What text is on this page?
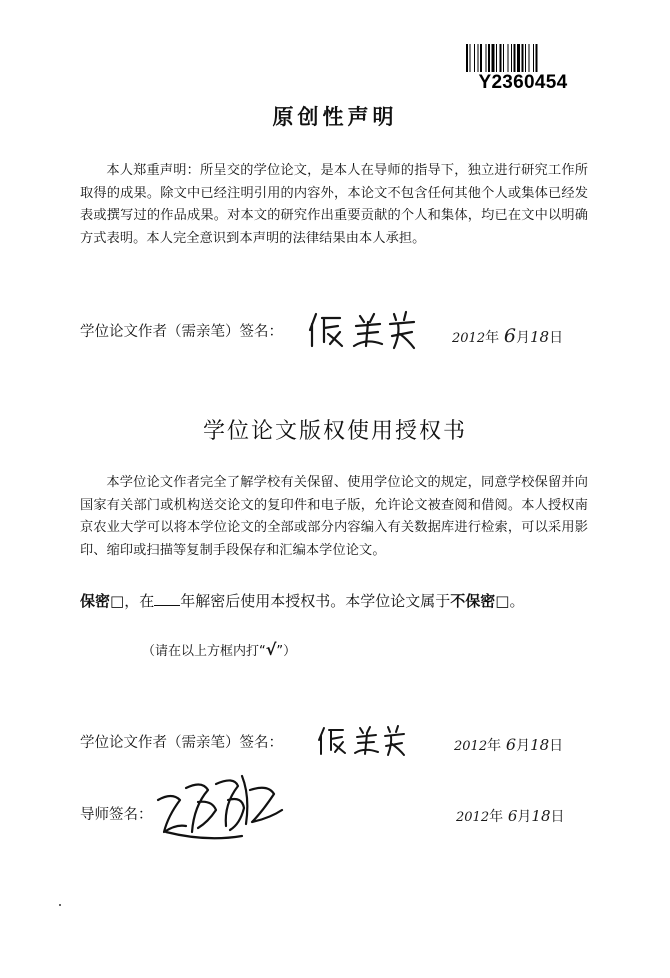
Y2360454
原创性声明
本人郑重声明：所呈交的学位论文，是本人在导师的指导下，独立进行研究工作所取得的成果。除文中已经注明引用的内容外，本论文不包含任何其他个人或集体已经发表或撰写过的作品成果。对本文的研究作出重要贡献的个人和集体，均已在文中以明确方式表明。本人完全意识到本声明的法律结果由本人承担。
学位论文作者（需亲笔）签名：	2012年 6月18日
学位论文版权使用授权书
本学位论文作者完全了解学校有关保留、使用学位论文的规定，同意学校保留并向国家有关部门或机构送交论文的复印件和电子版，允许论文被查阅和借阅。本人授权南京农业大学可以将本学位论文的全部或部分内容编入有关数据库进行检索，可以采用影印、缩印或扫描等复制手段保存和汇编本学位论文。
保密□，在 年解密后使用本授权书。本学位论文属于不保密□。
（请在以上方框内打“√”）
学位论文作者（需亲笔）签名：	2012年 6月18日
导师签名：	2012年 6月18日
